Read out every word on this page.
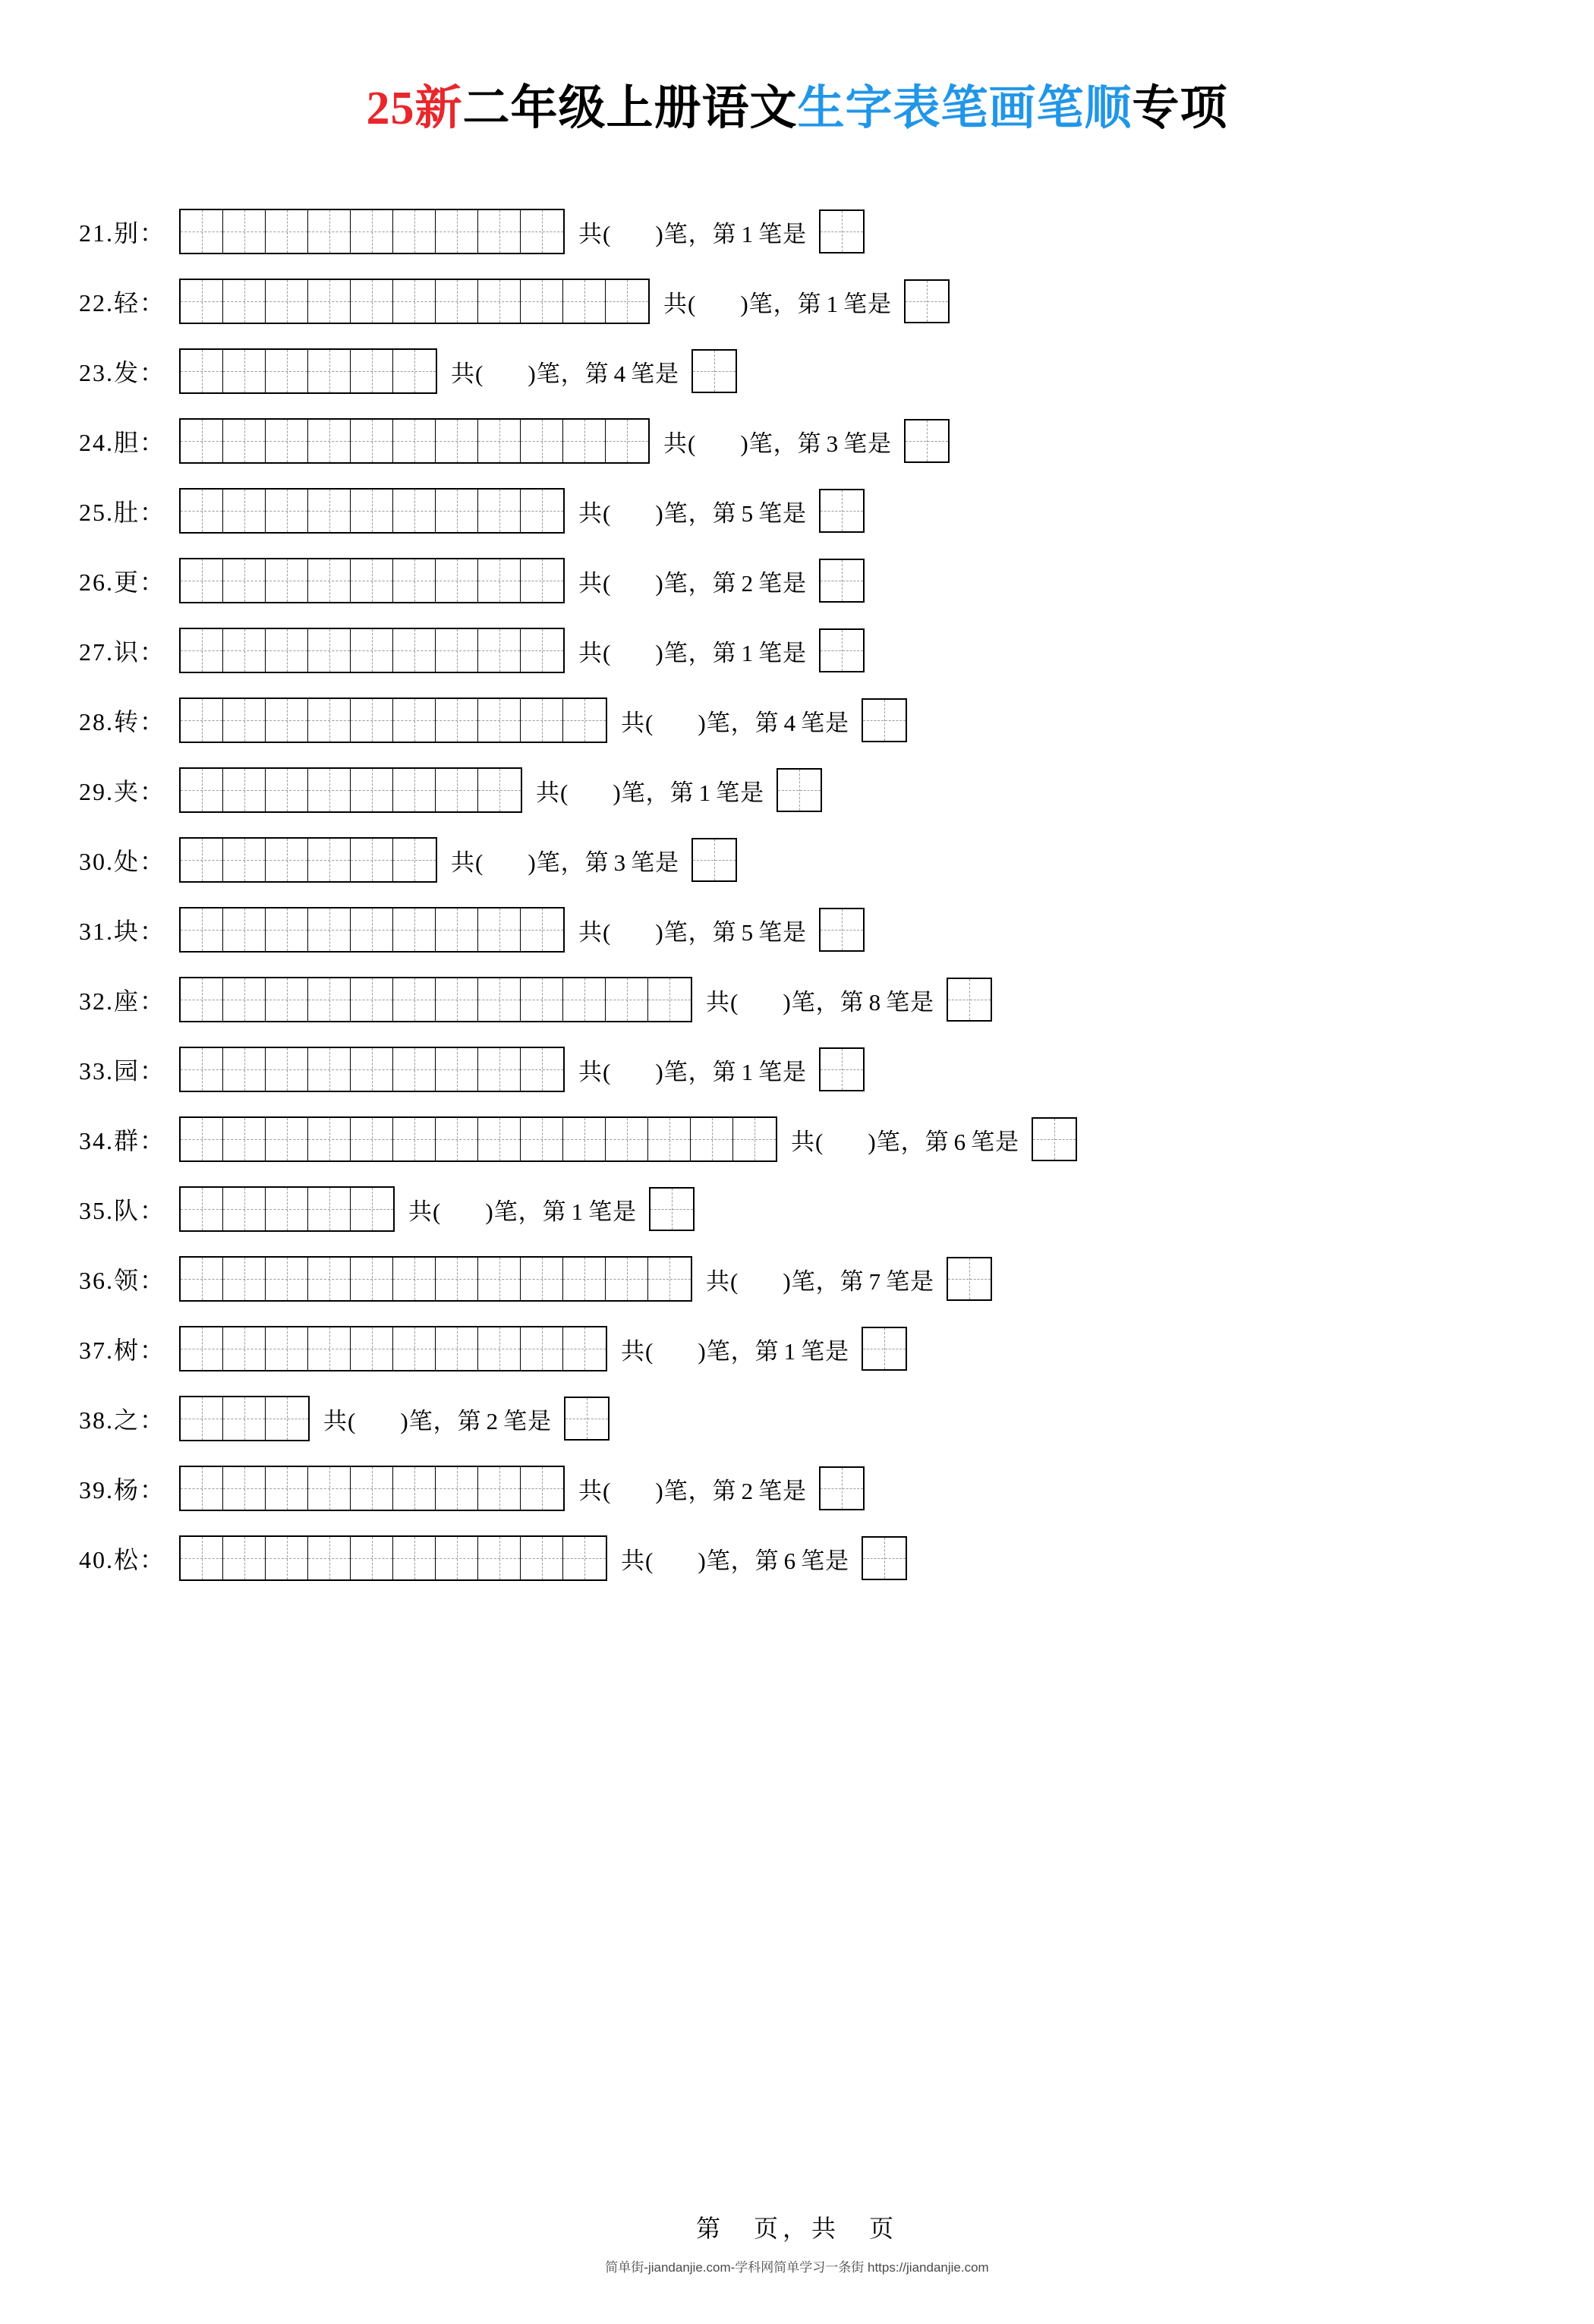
25新二年级上册语文生字表笔画笔顺专项
21.别：	共( )笔，第 1 笔是
22.轻：	共( )笔，第 1 笔是
23.发：	共( )笔，第 4 笔是
24.胆：	共( )笔，第 3 笔是
25.肚：	共( )笔，第 5 笔是
26.更：	共( )笔，第 2 笔是
27.识：	共( )笔，第 1 笔是
28.转：	共( )笔，第 4 笔是
29.夹：	共( )笔，第 1 笔是
30.处：	共( )笔，第 3 笔是
31.块：	共( )笔，第 5 笔是
32.座：	共( )笔，第 8 笔是
33.园：	共( )笔，第 1 笔是
34.群：	共( )笔，第 6 笔是
35.队：	共( )笔，第 1 笔是
36.领：	共( )笔，第 7 笔是
37.树：	共( )笔，第 1 笔是
38.之：	共( )笔，第 2 笔是
39.杨：	共( )笔，第 2 笔是
40.松：	共( )笔，第 6 笔是
第　页，共　页
简单街-jiandanjie.com-学科网简单学习一条街 https://jiandanjie.com
